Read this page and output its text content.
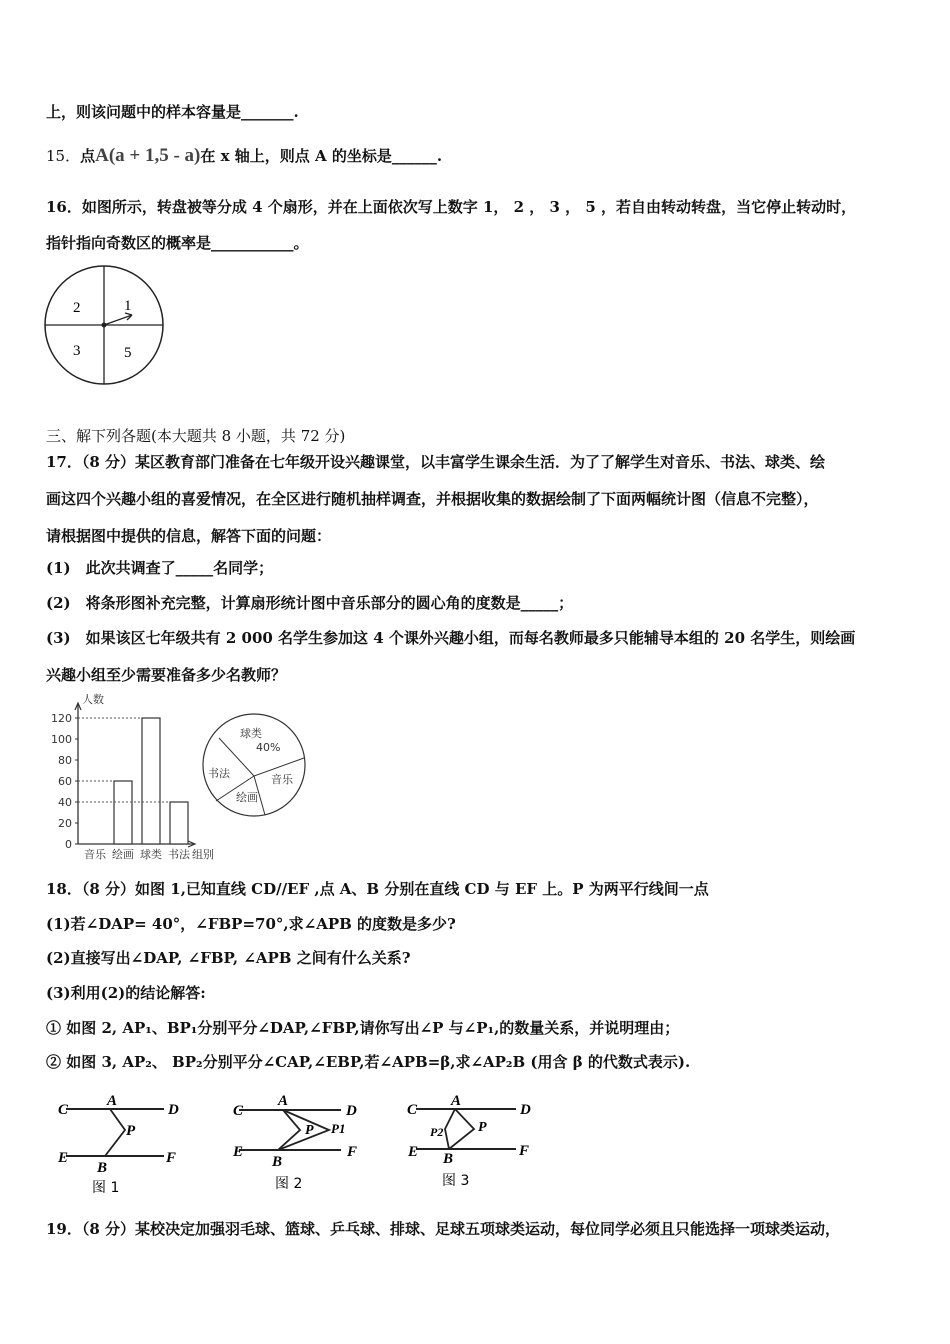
上，则该问题中的样本容量是_______.
15．点A(a + 1,5 - a)在 x 轴上，则点 A 的坐标是______.
16．如图所示，转盘被等分成 4 个扇形，并在上面依次写上数字 1， 2 ， 3 ， 5 ，若自由转动转盘，当它停止转动时，
指针指向奇数区的概率是___________。
2	1
3	5
三、解下列各题(本大题共 8 小题，共 72 分)
17．（8 分）某区教育部门准备在七年级开设兴趣课堂，以丰富学生课余生活．为了了解学生对音乐、书法、球类、绘
画这四个兴趣小组的喜爱情况，在全区进行随机抽样调查，并根据收集的数据绘制了下面两幅统计图（信息不完整），
请根据图中提供的信息，解答下面的问题：
(1)　此次共调查了_____名同学；
(2)　将条形图补充完整，计算扇形统计图中音乐部分的圆心角的度数是_____；
(3)　如果该区七年级共有 2 000 名学生参加这 4 个课外兴趣小组，而每名教师最多只能辅导本组的 20 名学生，则绘画
兴趣小组至少需要准备多少名教师？
人数
组别
0
20
40
60
80
100
120
音乐 绘画 球类 书法
球类
40%
音乐
绘画
书法
18．（8 分）如图 1,已知直线 CD//EF ,点 A、B 分别在直线 CD 与 EF 上。P 为两平行线间一点
(1)若∠DAP= 40°，∠FBP=70°,求∠APB 的度数是多少?
(2)直接写出∠DAP, ∠FBP, ∠APB 之间有什么关系?
(3)利用(2)的结论解答:
① 如图 2, AP₁、BP₁分别平分∠DAP,∠FBP,请你写出∠P 与∠P₁,的数量关系，并说明理由；
② 如图 3, AP₂、 BP₂分别平分∠CAP,∠EBP,若∠APB=β,求∠AP₂B (用含 β 的代数式表示).
C	D
A
P
E	F
B
图 1
C	D
A
P P1
E	F
B
图 2
C	D
A
P
P2
E	F
B
图 3
19．（8 分）某校决定加强羽毛球、篮球、乒乓球、排球、足球五项球类运动，每位同学必须且只能选择一项球类运动，
